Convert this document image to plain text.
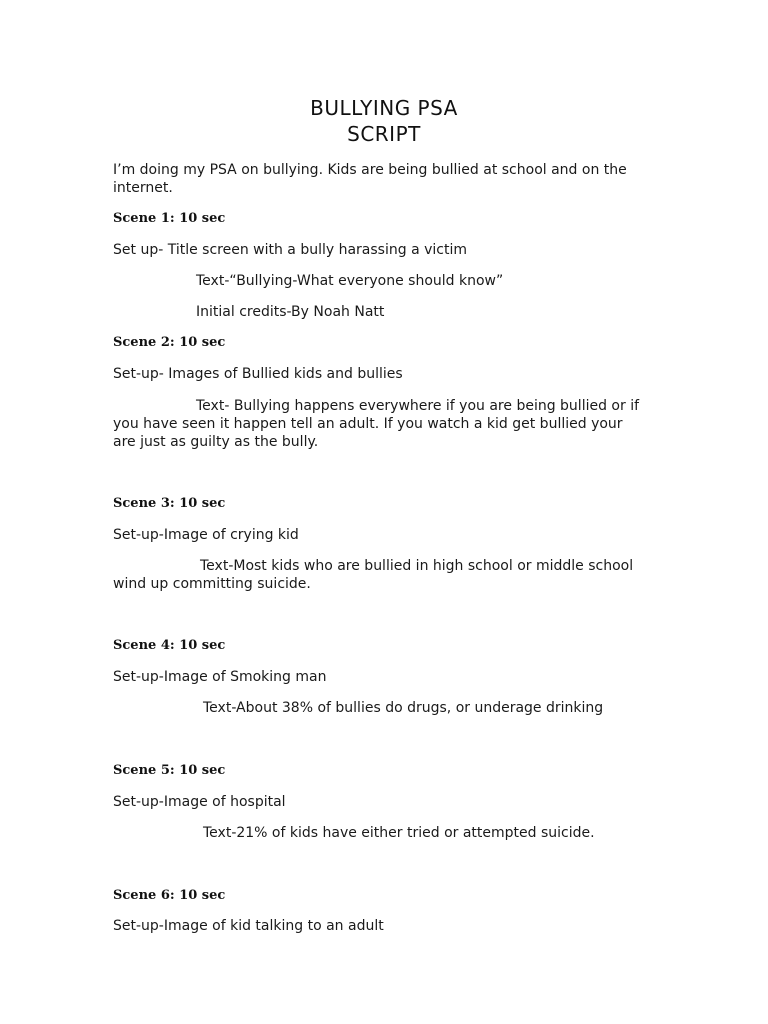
BULLYING PSA
SCRIPT
I’m doing my PSA on bullying. Kids are being bullied at school and on the internet.
Scene 1: 10 sec
Set up- Title screen with a bully harassing a victim
Text-“Bullying-What everyone should know”
Initial credits-By Noah Natt
Scene 2: 10 sec
Set-up- Images of Bullied kids and bullies
Text- Bullying happens everywhere if you are being bullied or if you have seen it happen tell an adult. If you watch a kid get bullied your are just as guilty as the bully.
Scene 3: 10 sec
Set-up-Image of crying kid
Text-Most kids who are bullied in high school or middle school wind up committing suicide.
Scene 4: 10 sec
Set-up-Image of Smoking man
Text-About 38% of bullies do drugs, or underage drinking
Scene 5: 10 sec
Set-up-Image of hospital
Text-21% of kids have either tried or attempted suicide.
Scene 6: 10 sec
Set-up-Image of kid talking to an adult
